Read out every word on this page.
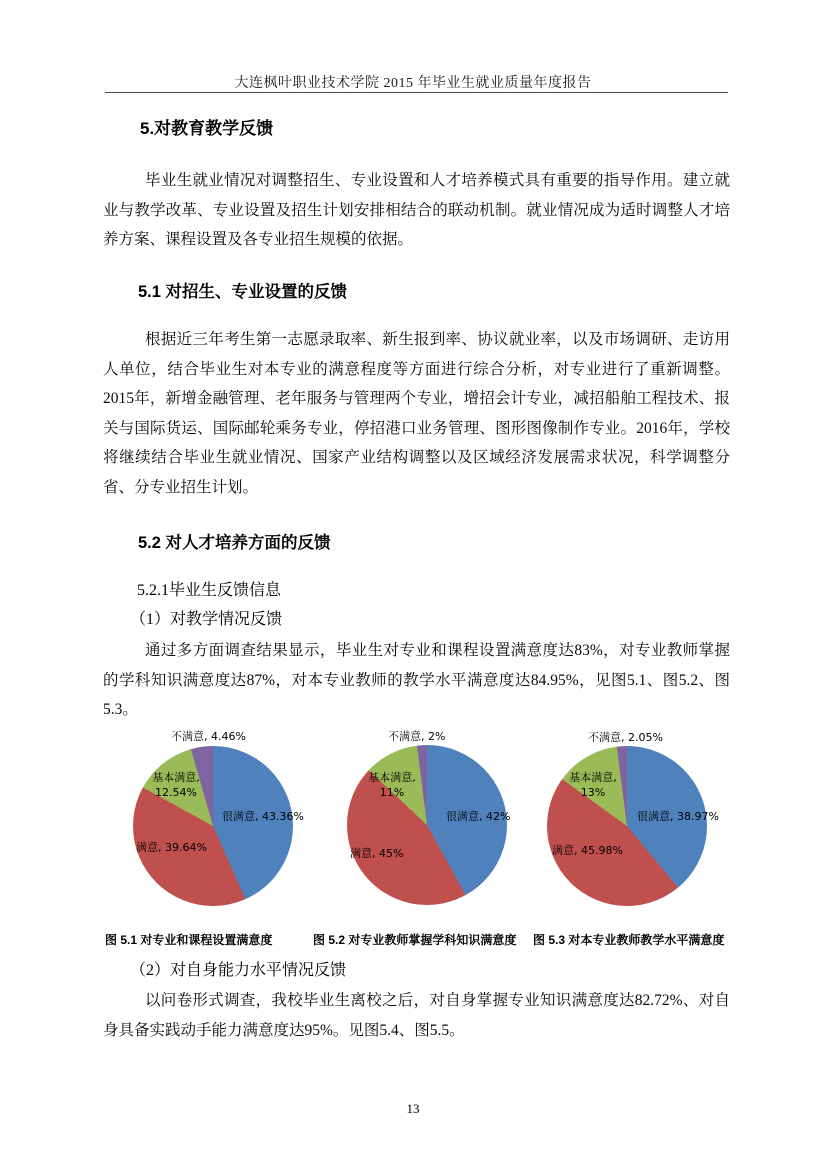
大连枫叶职业技术学院 2015 年毕业生就业质量年度报告
5.对教育教学反馈
毕业生就业情况对调整招生、专业设置和人才培养模式具有重要的指导作用。建立就业与教学改革、专业设置及招生计划安排相结合的联动机制。就业情况成为适时调整人才培养方案、课程设置及各专业招生规模的依据。
5.1 对招生、专业设置的反馈
根据近三年考生第一志愿录取率、新生报到率、协议就业率，以及市场调研、走访用人单位，结合毕业生对本专业的满意程度等方面进行综合分析，对专业进行了重新调整。2015年，新增金融管理、老年服务与管理两个专业，增招会计专业，减招船舶工程技术、报关与国际货运、国际邮轮乘务专业，停招港口业务管理、图形图像制作专业。2016年，学校将继续结合毕业生就业情况、国家产业结构调整以及区域经济发展需求状况，科学调整分省、分专业招生计划。
5.2 对人才培养方面的反馈
5.2.1毕业生反馈信息
（1）对教学情况反馈
通过多方面调查结果显示，毕业生对专业和课程设置满意度达83%，对专业教师掌握的学科知识满意度达87%，对本专业教师的教学水平满意度达84.95%，见图5.1、图5.2、图5.3。
不满意, 4.46%
基本满意,
12.54%
很满意, 43.36%
满意, 39.64%
不满意, 2%
基本满意,
11%
很满意, 42%
满意, 45%
不满意, 2.05%
基本满意,
13%
很满意, 38.97%
满意, 45.98%
图 5.1 对专业和课程设置满意度	图 5.2 对专业教师掌握学科知识满意度 图 5.3 对本专业教师教学水平满意度
（2）对自身能力水平情况反馈
以问卷形式调查，我校毕业生离校之后，对自身掌握专业知识满意度达82.72%、对自身具备实践动手能力满意度达95%。见图5.4、图5.5。
13
